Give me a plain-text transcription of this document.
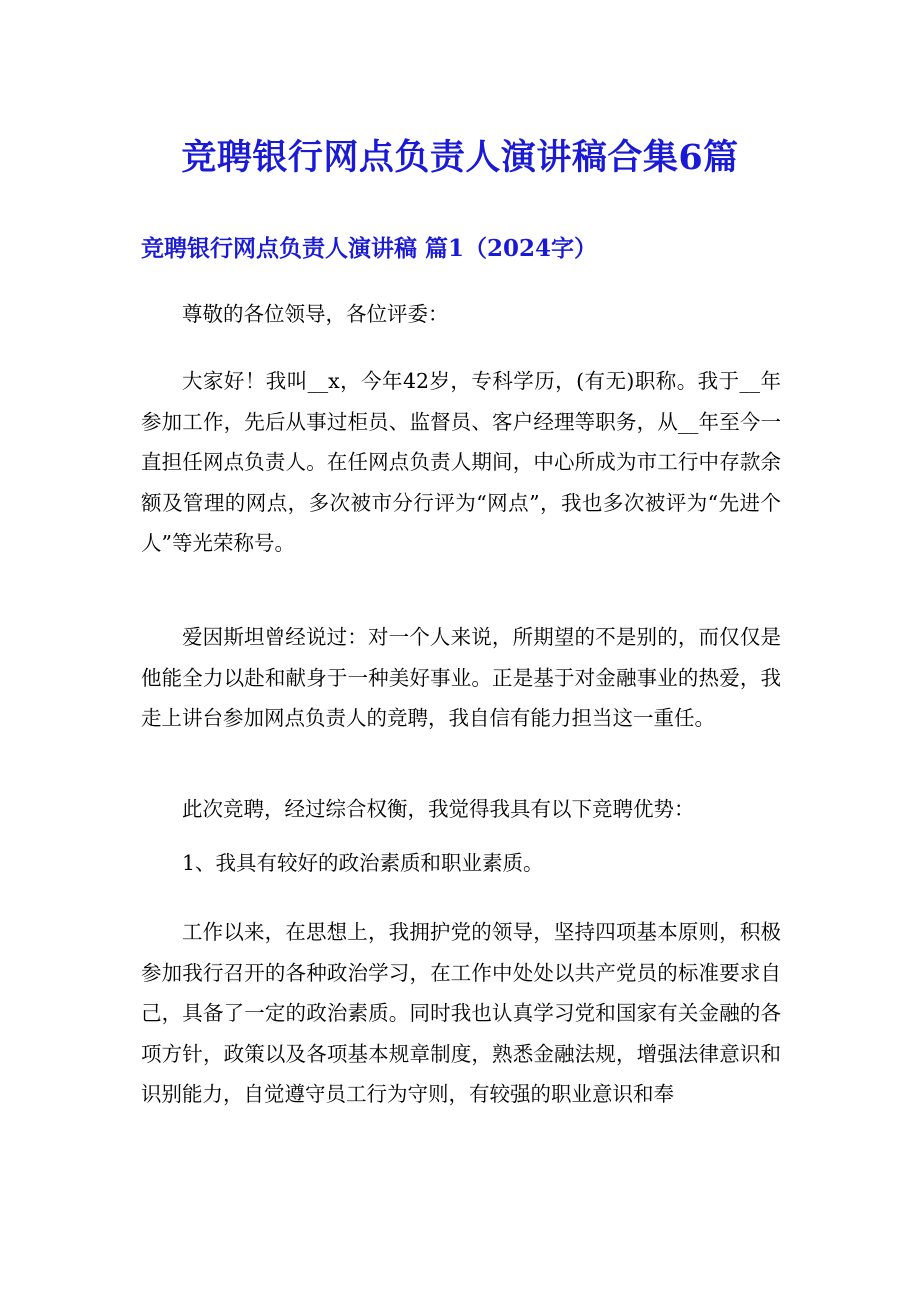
竞聘银行网点负责人演讲稿合集6篇
竞聘银行网点负责人演讲稿 篇1（2024字）

尊敬的各位领导，各位评委：

大家好！我叫__x，今年42岁，专科学历，(有无)职称。我于__年参加工作，先后从事过柜员、监督员、客户经理等职务，从__年至今一直担任网点负责人。在任网点负责人期间，中心所成为市工行中存款余额及管理的网点，多次被市分行评为“网点”，我也多次被评为“先进个人”等光荣称号。

爱因斯坦曾经说过：对一个人来说，所期望的不是别的，而仅仅是他能全力以赴和献身于一种美好事业。正是基于对金融事业的热爱，我走上讲台参加网点负责人的竞聘，我自信有能力担当这一重任。

此次竞聘，经过综合权衡，我觉得我具有以下竞聘优势：

1、我具有较好的政治素质和职业素质。

工作以来，在思想上，我拥护党的领导，坚持四项基本原则，积极参加我行召开的各种政治学习，在工作中处处以共产党员的标准要求自己，具备了一定的政治素质。同时我也认真学习党和国家有关金融的各项方针，政策以及各项基本规章制度，熟悉金融法规，增强法律意识和识别能力，自觉遵守员工行为守则，有较强的职业意识和奉
